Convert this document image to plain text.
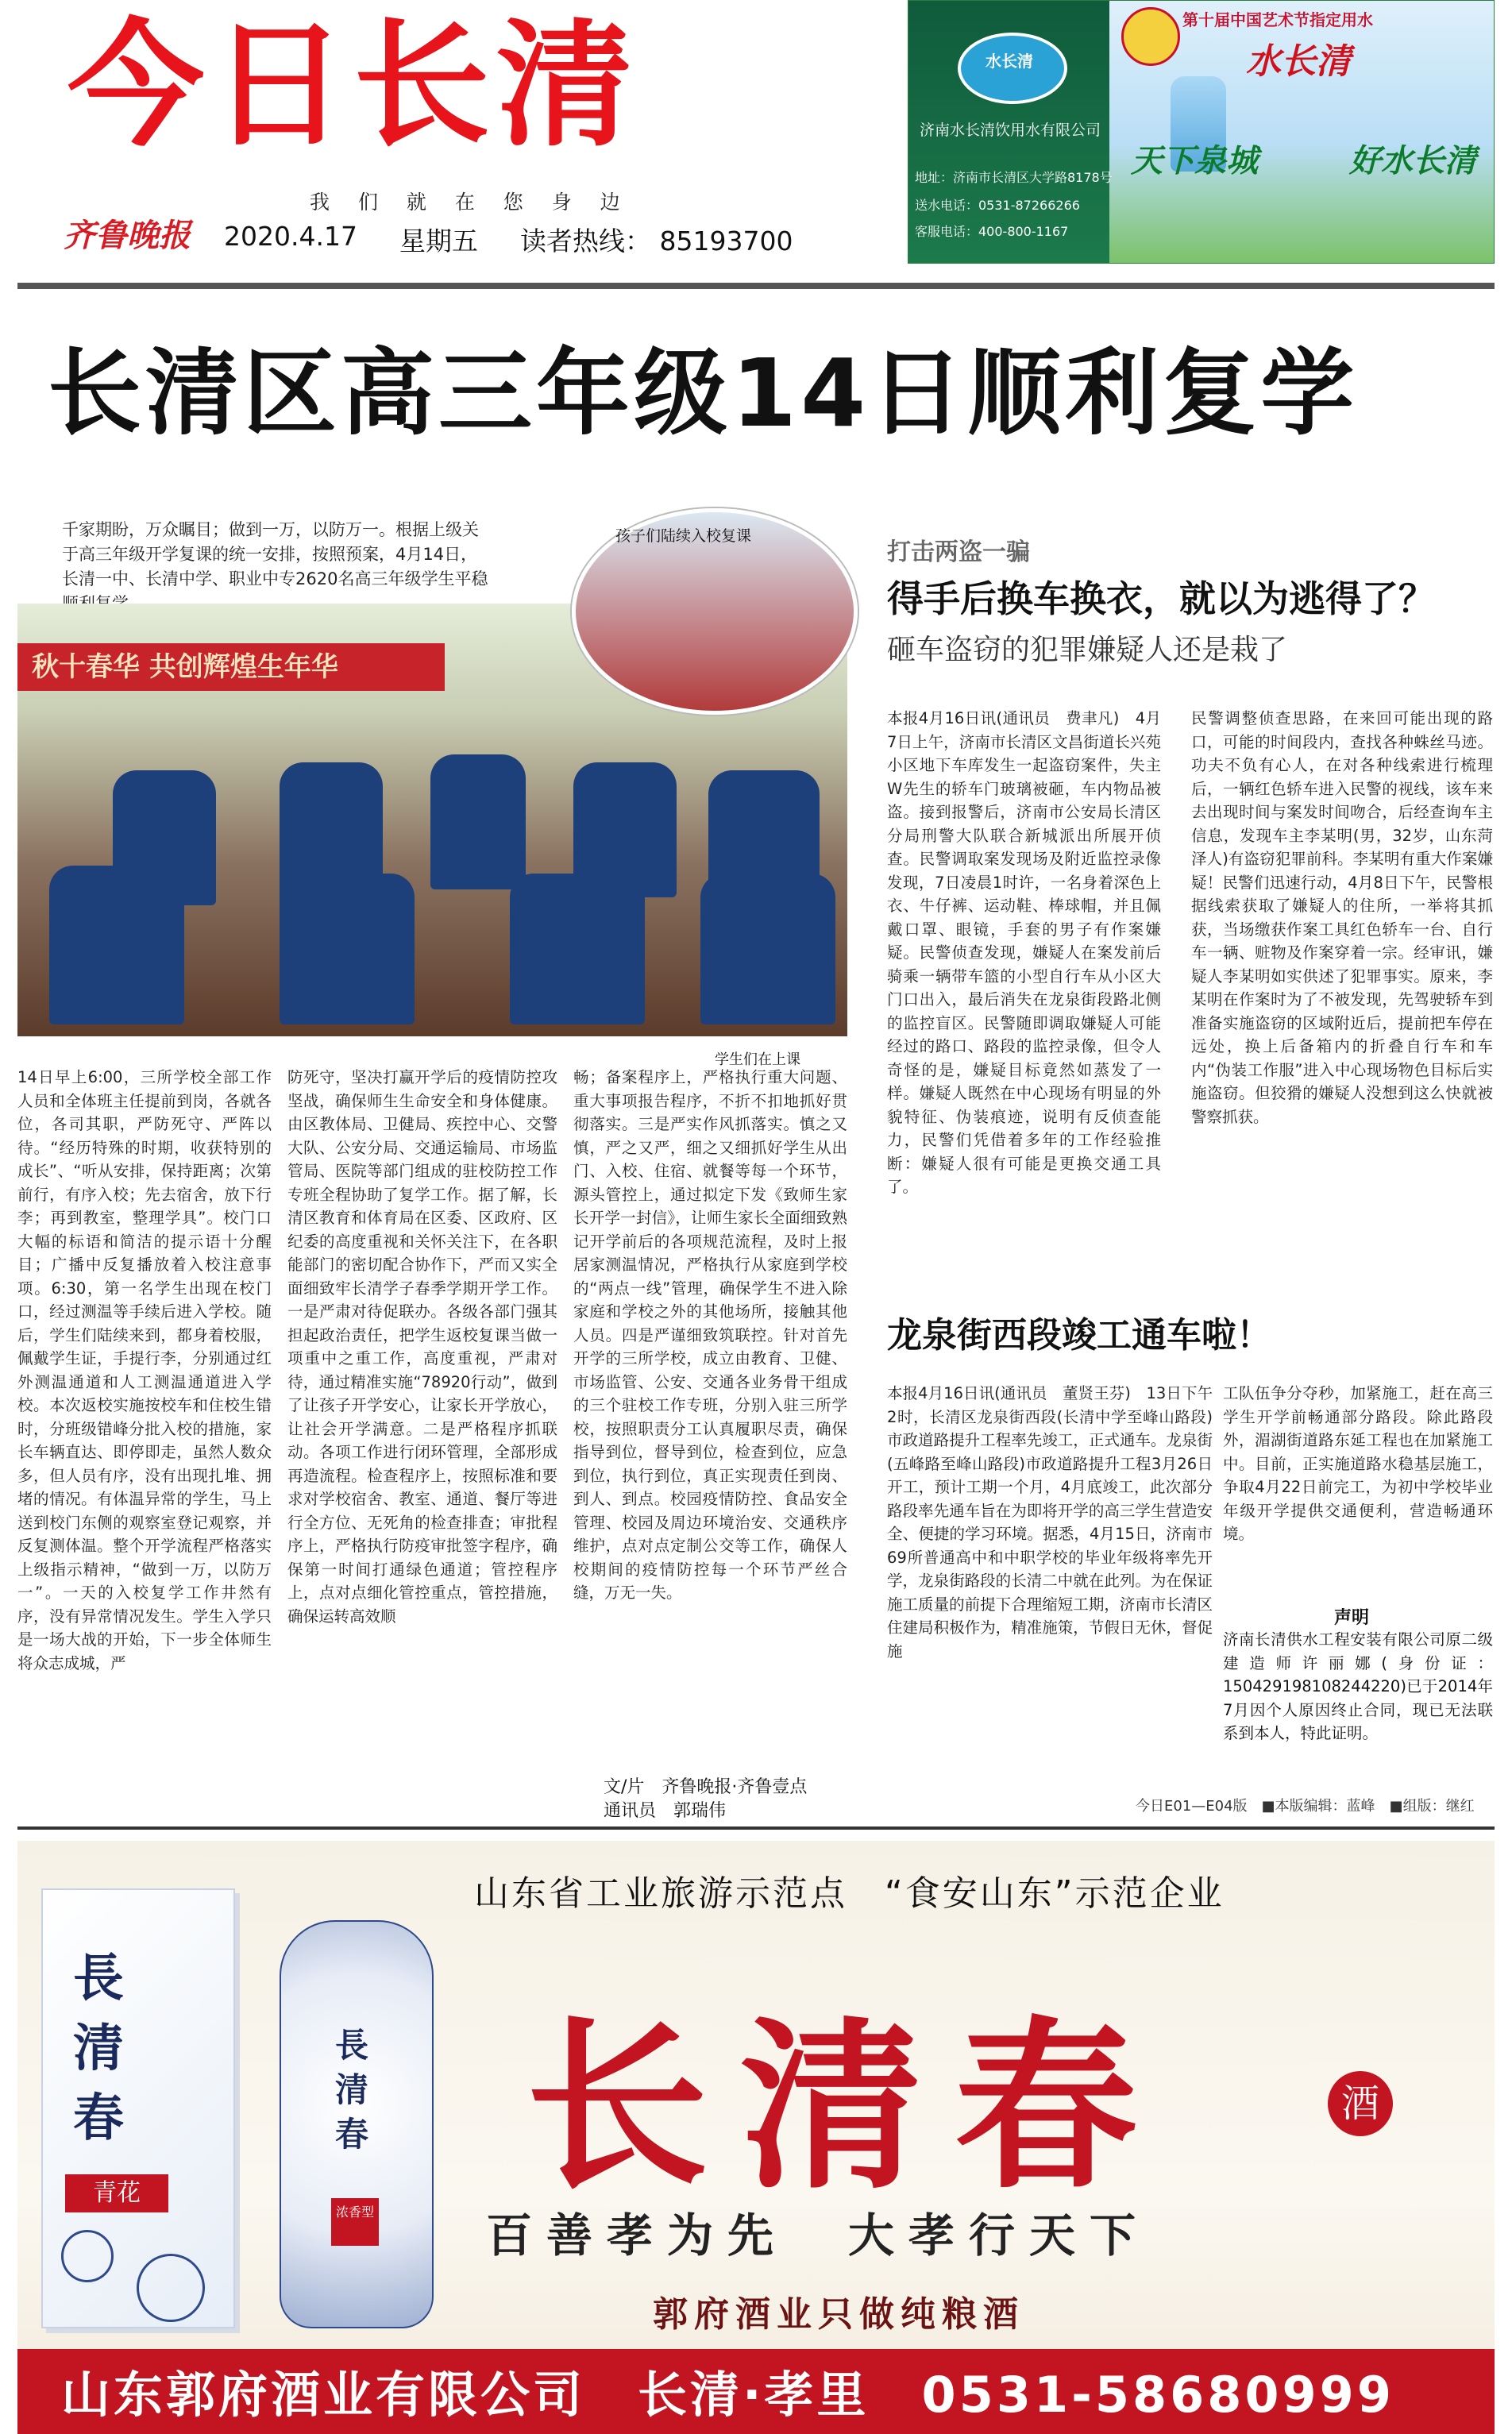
今日长清
我 们 就 在 您 身 边
齐鲁晚报 2020.4.17 星期五 读者热线： 85193700
水长清
济南水长清饮用水有限公司
地址：济南市长清区大学路8178号
送水电话：0531-87266266
客服电话：400-800-1167
第十届中国艺术节指定用水
水长清
天下泉城	好水长清
长清区高三年级14日顺利复学
千家期盼，万众瞩目；做到一万，以防万一。根据上级关于高三年级开学复课的统一安排，按照预案，4月14日，长清一中、长清中学、职业中专2620名高三年级学生平稳
秋十春华 共创辉煌生年华
孩子们陆续入校复课
学生们在上课
14日早上6:00，三所学校全部工作人员和全体班主任提前到岗，各就各位，各司其职，严防死守、严阵以待。“经历特殊的时期，收获特别的成长”、“听从安排，保持距离；次第前行，有序入校；先去宿舍，放下行李；再到教室，整理学具”。校门口大幅的标语和简洁的提示语十分醒目；广播中反复播放着入校注意事项。6:30，第一名学生出现在校门口，经过测温等手续后进入学校。随后，学生们陆续来到，都身着校服，佩戴学生证，手提行李，分别通过红外测温通道和人工测温通道进入学校。本次返校实施按校车和住校生错时，分班级错峰分批入校的措施，家长车辆直达、即停即走，虽然人数众多，但人员有序，没有出现扎堆、拥堵的情况。有体温异常的学生，马上送到校门东侧的观察室登记观察，并反复测体温。整个开学流程严格落实上级指示精神，“做到一万，以防万一”。一天的入校复学工作井然有序，没有异常情况发生。学生入学只是一场大战的开始，下一步全体师生将众志成城，严
防死守，坚决打赢开学后的疫情防控攻坚战，确保师生生命安全和身体健康。由区教体局、卫健局、疾控中心、交警大队、公安分局、交通运输局、市场监管局、医院等部门组成的驻校防控工作专班全程协助了复学工作。据了解，长清区教育和体育局在区委、区政府、区纪委的高度重视和关怀关注下，在各职能部门的密切配合协作下，严而又实全面细致牢长清学子春季学期开学工作。一是严肃对待促联办。各级各部门强其担起政治责任，把学生返校复课当做一项重中之重工作，高度重视，严肃对待，通过精准实施“78920行动”，做到了让孩子开学安心，让家长开学放心，让社会开学满意。二是严格程序抓联动。各项工作进行闭环管理，全部形成再造流程。检查程序上，按照标准和要求对学校宿舍、教室、通道、餐厅等进行全方位、无死角的检查排查；审批程序上，严格执行防疫审批签字程序，确保第一时间打通绿色通道；管控程序上，点对点细化管控重点，管控措施，确保运转高效顺
畅；备案程序上，严格执行重大问题、重大事项报告程序，不折不扣地抓好贯彻落实。三是严实作风抓落实。慎之又慎，严之又严，细之又细抓好学生从出门、入校、住宿、就餐等每一个环节，源头管控上，通过拟定下发《致师生家长开学一封信》，让师生家长全面细致熟记开学前后的各项规范流程，及时上报居家测温情况，严格执行从家庭到学校的“两点一线”管理，确保学生不进入除家庭和学校之外的其他场所，接触其他人员。四是严谨细致筑联控。针对首先开学的三所学校，成立由教育、卫健、市场监管、公安、交通各业务骨干组成的三个驻校工作专班，分别入驻三所学校，按照职责分工认真履职尽责，确保指导到位，督导到位，检查到位，应急到位，执行到位，真正实现责任到岗、到人、到点。校园疫情防控、食品安全管理、校园及周边环境治安、交通秩序维护，点对点定制公交等工作，确保人校期间的疫情防控每一个环节严丝合缝，万无一失。
文/片　齐鲁晚报·齐鲁壹点
通讯员　郭瑞伟
打击两盗一骗
得手后换车换衣，就以为逃得了？
砸车盗窃的犯罪嫌疑人还是栽了
本报4月16日讯(通讯员　费聿凡)　4月7日上午，济南市长清区文昌街道长兴苑小区地下车库发生一起盗窃案件，失主W先生的轿车门玻璃被砸，车内物品被盗。接到报警后，济南市公安局长清区分局刑警大队联合新城派出所展开侦查。民警调取案发现场及附近监控录像发现，7日凌晨1时许，一名身着深色上衣、牛仔裤、运动鞋、棒球帽，并且佩戴口罩、眼镜，手套的男子有作案嫌疑。民警侦查发现，嫌疑人在案发前后骑乘一辆带车篮的小型自行车从小区大门口出入，最后消失在龙泉街段路北侧的监控盲区。民警随即调取嫌疑人可能经过的路口、路段的监控录像，但令人奇怪的是，嫌疑目标竟然如蒸发了一样。嫌疑人既然在中心现场有明显的外貌特征、伪装痕迹，说明有反侦查能力，民警们凭借着多年的工作经验推断：嫌疑人很有可能是更换交通工具了。
民警调整侦查思路，在来回可能出现的路口，可能的时间段内，查找各种蛛丝马迹。功夫不负有心人，在对各种线索进行梳理后，一辆红色轿车进入民警的视线，该车来去出现时间与案发时间吻合，后经查询车主信息，发现车主李某明(男，32岁，山东菏泽人)有盗窃犯罪前科。李某明有重大作案嫌疑！民警们迅速行动，4月8日下午，民警根据线索获取了嫌疑人的住所，一举将其抓获，当场缴获作案工具红色轿车一台、自行车一辆、赃物及作案穿着一宗。经审讯，嫌疑人李某明如实供述了犯罪事实。原来，李某明在作案时为了不被发现，先驾驶轿车到准备实施盗窃的区域附近后，提前把车停在远处，换上后备箱内的折叠自行车和车内“伪装工作服”进入中心现场物色目标后实施盗窃。但狡猾的嫌疑人没想到这么快就被警察抓获。
龙泉街西段竣工通车啦！
本报4月16日讯(通讯员　董贤王芬)　13日下午2时，长清区龙泉街西段(长清中学至峰山路段)市政道路提升工程率先竣工，正式通车。龙泉街(五峰路至峰山路段)市政道路提升工程3月26日开工，预计工期一个月，4月底竣工，此次部分路段率先通车旨在为即将开学的高三学生营造安全、便捷的学习环境。据悉，4月15日，济南市69所普通高中和中职学校的毕业年级将率先开学，龙泉街路段的长清二中就在此列。为在保证施工质量的前提下合理缩短工期，济南市长清区住建局积极作为，精准施策，节假日无休，督促施
工队伍争分夺秒，加紧施工，赶在高三学生开学前畅通部分路段。除此路段外，湄湖街道路东延工程也在加紧施工中。目前，正实施道路水稳基层施工，争取4月22日前完工，为初中学校毕业年级开学提供交通便利，营造畅通环境。
声明
济南长清供水工程安装有限公司原二级建造师许丽娜(身份证：150429198108244220)已于2014年7月因个人原因终止合同，现已无法联系到本人，特此证明。
今日E01—E04版　■本版编辑：蓝峰　■组版：继红
長清春
青花
長清春
浓香型
山东省工业旅游示范点　“食安山东”示范企业
长清春	酒
百善孝为先　大孝行天下
郭府酒业只做纯粮酒
山东郭府酒业有限公司　长清·孝里　0531-58680999
